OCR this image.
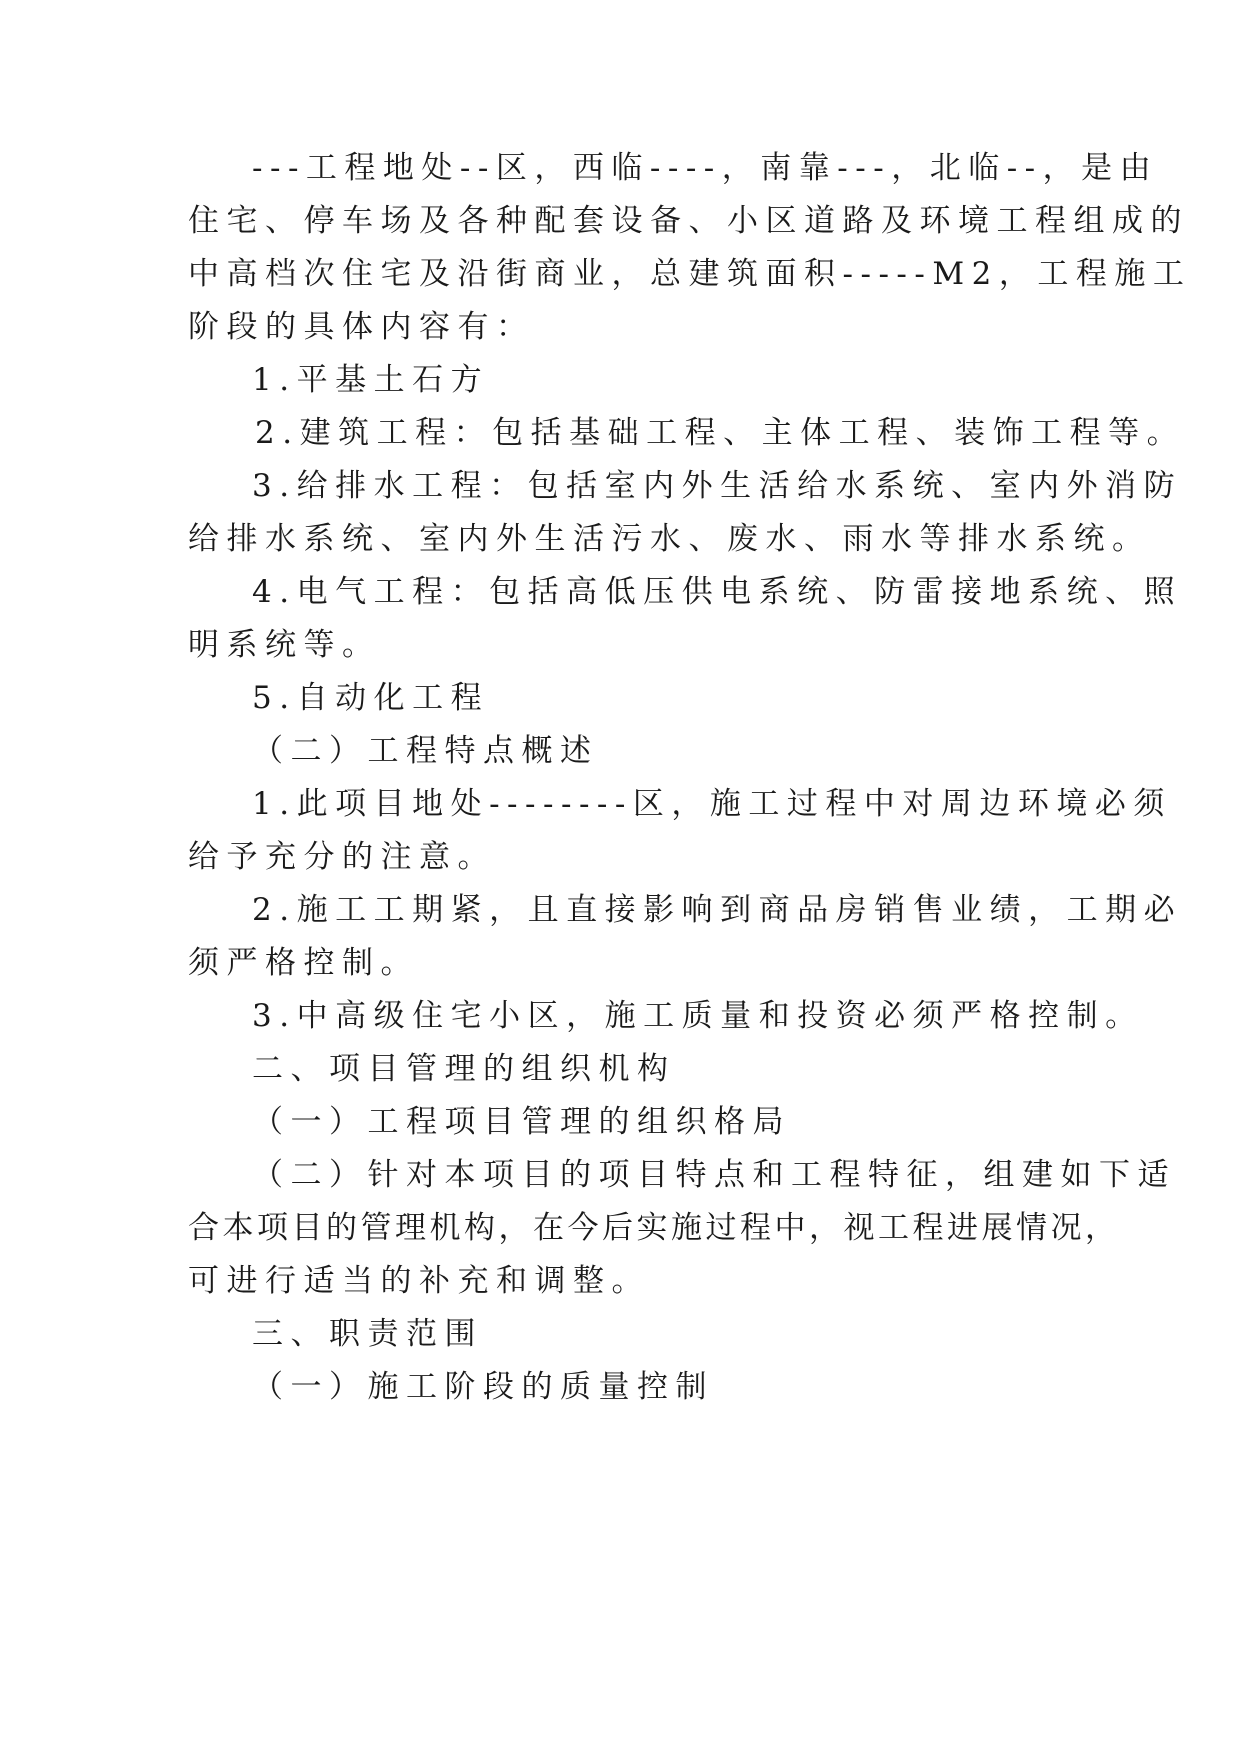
---工程地处--区，西临----，南靠---，北临--，是由
住宅、停车场及各种配套设备、小区道路及环境工程组成的
中高档次住宅及沿街商业，总建筑面积-----M2，工程施工
阶段的具体内容有：
1.平基土石方
2.建筑工程：包括基础工程、主体工程、装饰工程等。
3.给排水工程：包括室内外生活给水系统、室内外消防
给排水系统、室内外生活污水、废水、雨水等排水系统。
4.电气工程：包括高低压供电系统、防雷接地系统、照
明系统等。
5.自动化工程
（二）工程特点概述
1.此项目地处--------区，施工过程中对周边环境必须
给予充分的注意。
2.施工工期紧，且直接影响到商品房销售业绩，工期必
须严格控制。
3.中高级住宅小区，施工质量和投资必须严格控制。
二、项目管理的组织机构
（一）工程项目管理的组织格局
（二）针对本项目的项目特点和工程特征，组建如下适
合本项目的管理机构，在今后实施过程中，视工程进展情况，
可进行适当的补充和调整。
三、职责范围
（一）施工阶段的质量控制
